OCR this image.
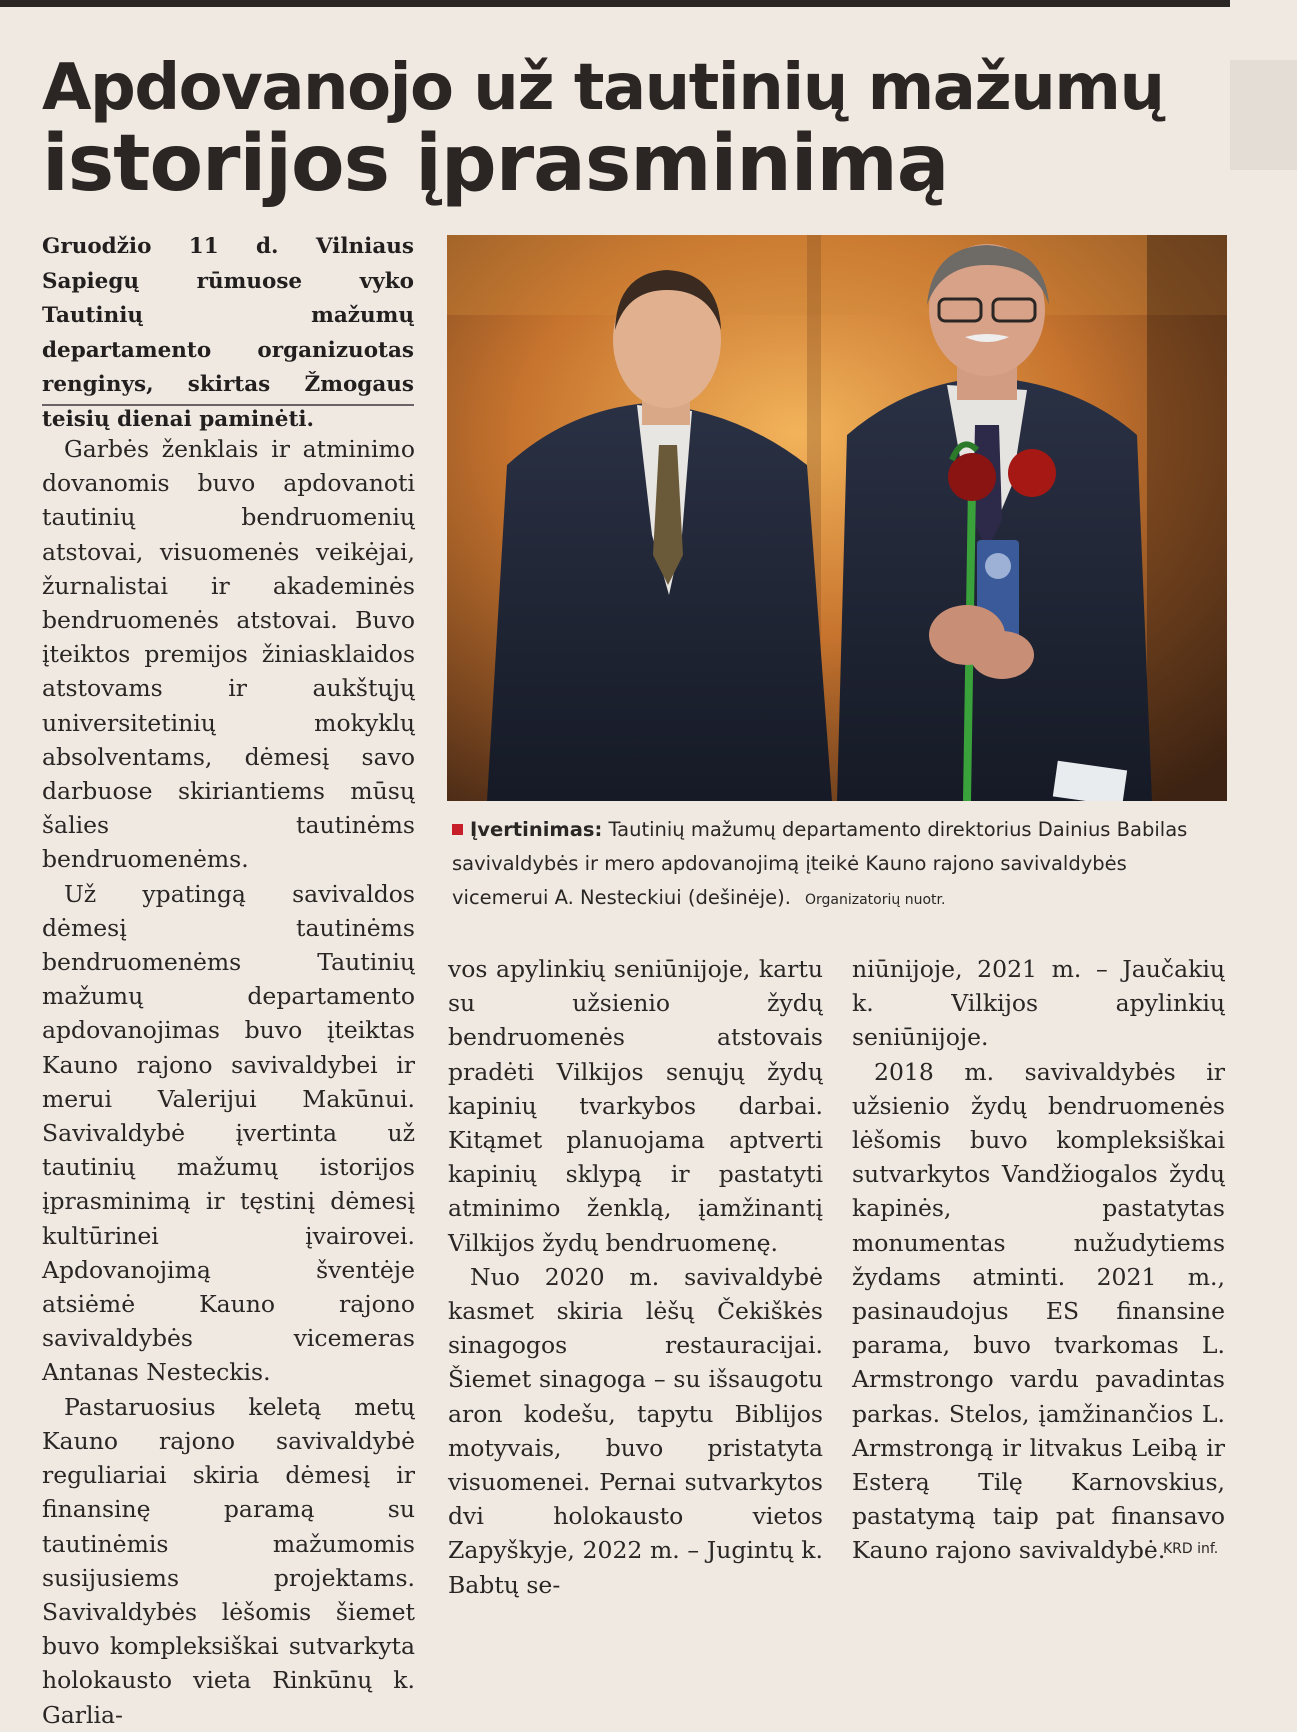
Apdovanojo už tautinių mažumų
istorijos įprasminimą
Gruodžio 11 d. Vilniaus Sapiegų rūmuose vyko Tautinių mažumų departamento organizuotas renginys, skirtas Žmogaus teisių dienai paminėti.

Garbės ženklais ir atminimo dovanomis buvo apdovanoti tautinių bendruomenių atstovai, visuomenės veikėjai, žurnalistai ir akademinės bendruomenės atstovai. Buvo įteiktos premijos žiniasklaidos atstovams ir aukštųjų universitetinių mokyklų absolventams, dėmesį savo darbuose skiriantiems mūsų šalies tautinėms bendruomenėms.

Už ypatingą savivaldos dėmesį tautinėms bendruomenėms Tautinių mažumų departamento apdovanojimas buvo įteiktas Kauno rajono savivaldybei ir merui Valerijui Makūnui. Savivaldybė įvertinta už tautinių mažumų istorijos įprasminimą ir tęstinį dėmesį kultūrinei įvairovei. Apdovanojimą šventėje atsiėmė Kauno rajono savivaldybės vicemeras Antanas Nesteckis.

Pastaruosius keletą metų Kauno rajono savivaldybė reguliariai skiria dėmesį ir finansinę paramą su tautinėmis mažumomis susijusiems projektams. Savivaldybės lėšomis šiemet buvo kompleksiškai sutvarkyta holokausto vieta Rinkūnų k. Garlia-

Įvertinimas: Tautinių mažumų departamento direktorius Dainius Babilas savivaldybės ir mero apdovanojimą įteikė Kauno rajono savivaldybės vicemerui A. Nesteckiui (dešinėje). Organizatorių nuotr.

vos apylinkių seniūnijoje, kartu su užsienio žydų bendruomenės atstovais pradėti Vilkijos senųjų žydų kapinių tvarkybos darbai. Kitąmet planuojama aptverti kapinių sklypą ir pastatyti atminimo ženklą, įamžinantį Vilkijos žydų bendruomenę.

Nuo 2020 m. savivaldybė kasmet skiria lėšų Čekiškės sinagogos restauracijai. Šiemet sinagoga – su išsaugotu aron kodešu, tapytu Biblijos motyvais, buvo pristatyta visuomenei. Pernai sutvarkytos dvi holokausto vietos Zapyškyje, 2022 m. – Jugintų k. Babtų se-

niūnijoje, 2021 m. – Jaučakių k. Vilkijos apylinkių seniūnijoje.

2018 m. savivaldybės ir užsienio žydų bendruomenės lėšomis buvo kompleksiškai sutvarkytos Vandžiogalos žydų kapinės, pastatytas monumentas nužudytiems žydams atminti. 2021 m., pasinaudojus ES finansine parama, buvo tvarkomas L. Armstrongo vardu pavadintas parkas. Stelos, įamžinančios L. Armstrongą ir litvakus Leibą ir Esterą Tilę Karnovskius, pastatymą taip pat finansavo Kauno rajono savivaldybė.

KRD inf.
